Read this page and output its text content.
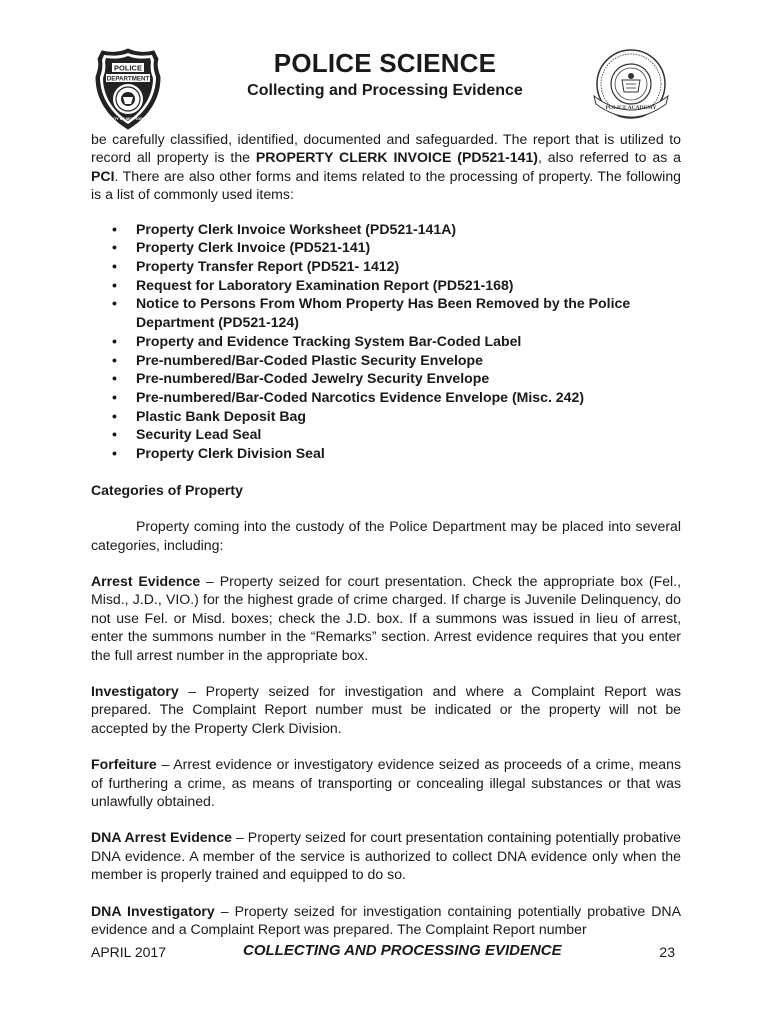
POLICE
DEPARTMENT
CITY OF NEW YORK
POLICE SCIENCE
Collecting and Processing Evidence
POLICE ACADEMY

be carefully classified, identified, documented and safeguarded. The report that is utilized to record all property is the PROPERTY CLERK INVOICE (PD521-141), also referred to as a PCI. There are also other forms and items related to the processing of property. The following is a list of commonly used items:

• Property Clerk Invoice Worksheet (PD521-141A)
• Property Clerk Invoice (PD521-141)
• Property Transfer Report (PD521- 1412)
• Request for Laboratory Examination Report (PD521-168)
• Notice to Persons From Whom Property Has Been Removed by the Police Department (PD521-124)
• Property and Evidence Tracking System Bar-Coded Label
• Pre-numbered/Bar-Coded Plastic Security Envelope
• Pre-numbered/Bar-Coded Jewelry Security Envelope
• Pre-numbered/Bar-Coded Narcotics Evidence Envelope (Misc. 242)
• Plastic Bank Deposit Bag
• Security Lead Seal
• Property Clerk Division Seal

Categories of Property

Property coming into the custody of the Police Department may be placed into several categories, including:

Arrest Evidence – Property seized for court presentation. Check the appropriate box (Fel., Misd., J.D., VIO.) for the highest grade of crime charged. If charge is Juvenile Delinquency, do not use Fel. or Misd. boxes; check the J.D. box. If a summons was issued in lieu of arrest, enter the summons number in the “Remarks” section. Arrest evidence requires that you enter the full arrest number in the appropriate box.

Investigatory – Property seized for investigation and where a Complaint Report was prepared. The Complaint Report number must be indicated or the property will not be accepted by the Property Clerk Division.

Forfeiture – Arrest evidence or investigatory evidence seized as proceeds of a crime, means of furthering a crime, as means of transporting or concealing illegal substances or that was unlawfully obtained.

DNA Arrest Evidence – Property seized for court presentation containing potentially probative DNA evidence. A member of the service is authorized to collect DNA evidence only when the member is properly trained and equipped to do so.

DNA Investigatory – Property seized for investigation containing potentially probative DNA evidence and a Complaint Report was prepared. The Complaint Report number

APRIL 2017	COLLECTING AND PROCESSING EVIDENCE	23
